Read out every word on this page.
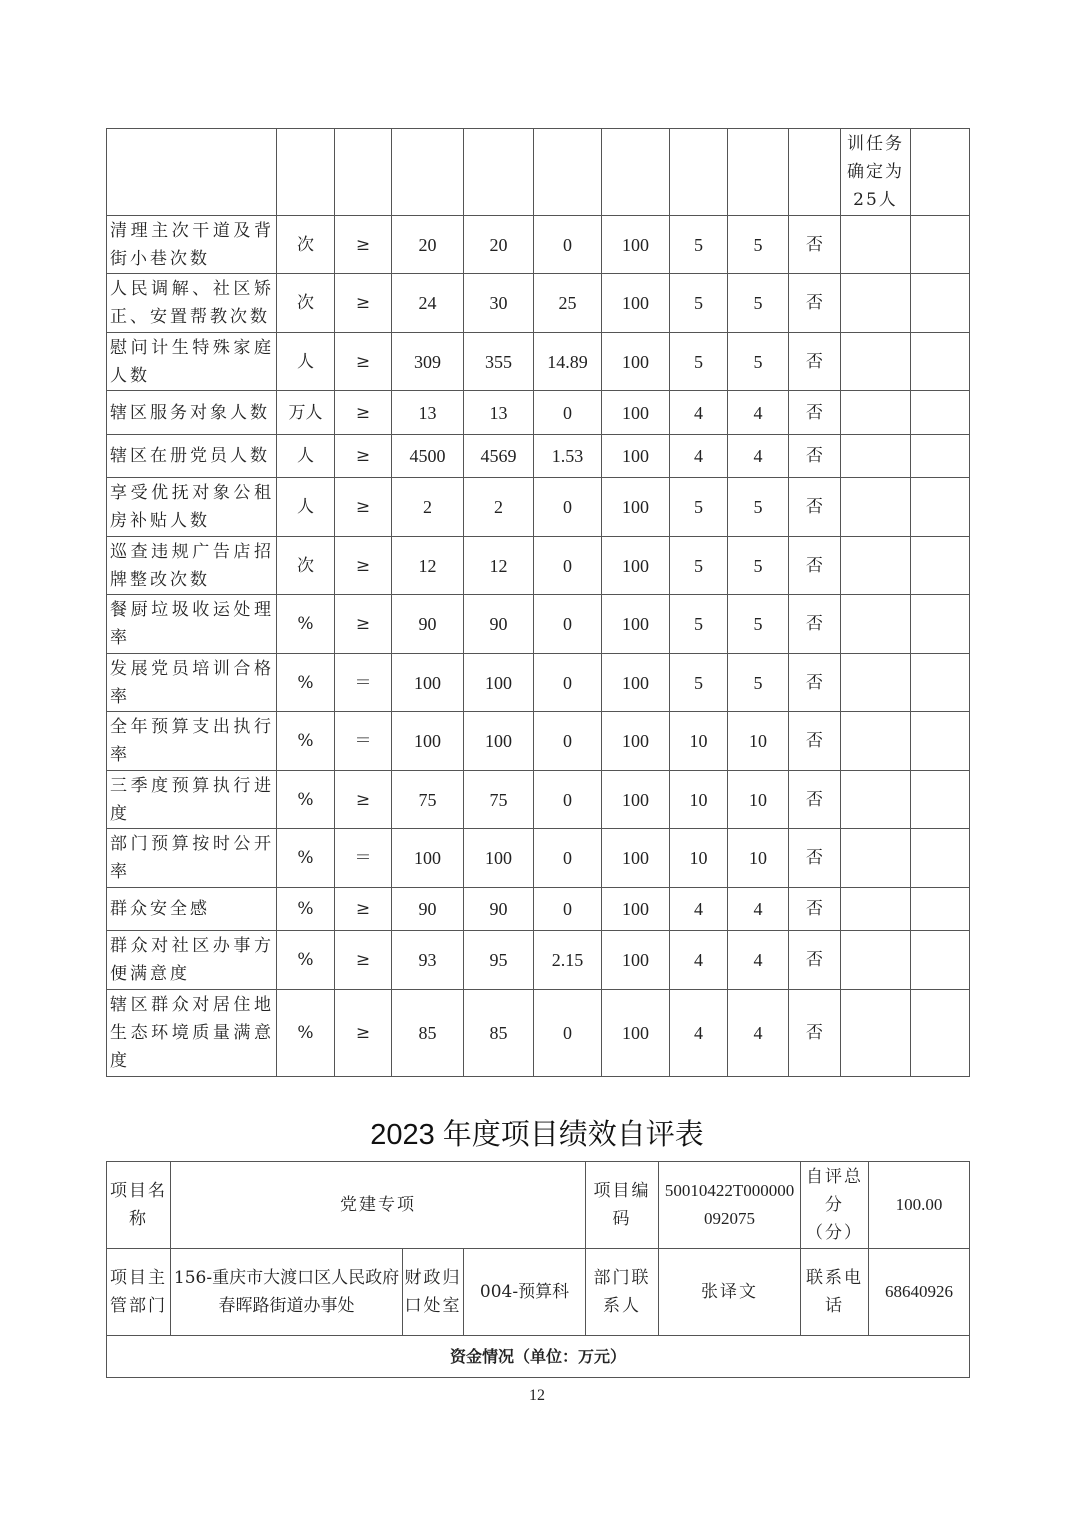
										训任务确定为25人	
清理主次干道及背街小巷次数	次	≥	20	20	0	100	5	5	否		
人民调解、社区矫正、安置帮教次数	次	≥	24	30	25	100	5	5	否		
慰问计生特殊家庭人数	人	≥	309	355	14.89	100	5	5	否		
辖区服务对象人数	万人	≥	13	13	0	100	4	4	否		
辖区在册党员人数	人	≥	4500	4569	1.53	100	4	4	否		
享受优抚对象公租房补贴人数	人	≥	2	2	0	100	5	5	否		
巡查违规广告店招牌整改次数	次	≥	12	12	0	100	5	5	否		
餐厨垃圾收运处理率	%	≥	90	90	0	100	5	5	否		
发展党员培训合格率	%	＝	100	100	0	100	5	5	否		
全年预算支出执行率	%	＝	100	100	0	100	10	10	否		
三季度预算执行进度	%	≥	75	75	0	100	10	10	否		
部门预算按时公开率	%	＝	100	100	0	100	10	10	否		
群众安全感	%	≥	90	90	0	100	4	4	否		
群众对社区办事方便满意度	%	≥	93	95	2.15	100	4	4	否		
辖区群众对居住地生态环境质量满意度	%	≥	85	85	0	100	4	4	否		
2023 年度项目绩效自评表
项目名称	党建专项			项目编码	50010422T000000092075	自评总分（分）	100.00
项目主管部门	156-重庆市大渡口区人民政府春晖路街道办事处	财政归口处室	004-预算科	部门联系人	张译文	联系电话	68640926
资金情况（单位：万元）							
12
